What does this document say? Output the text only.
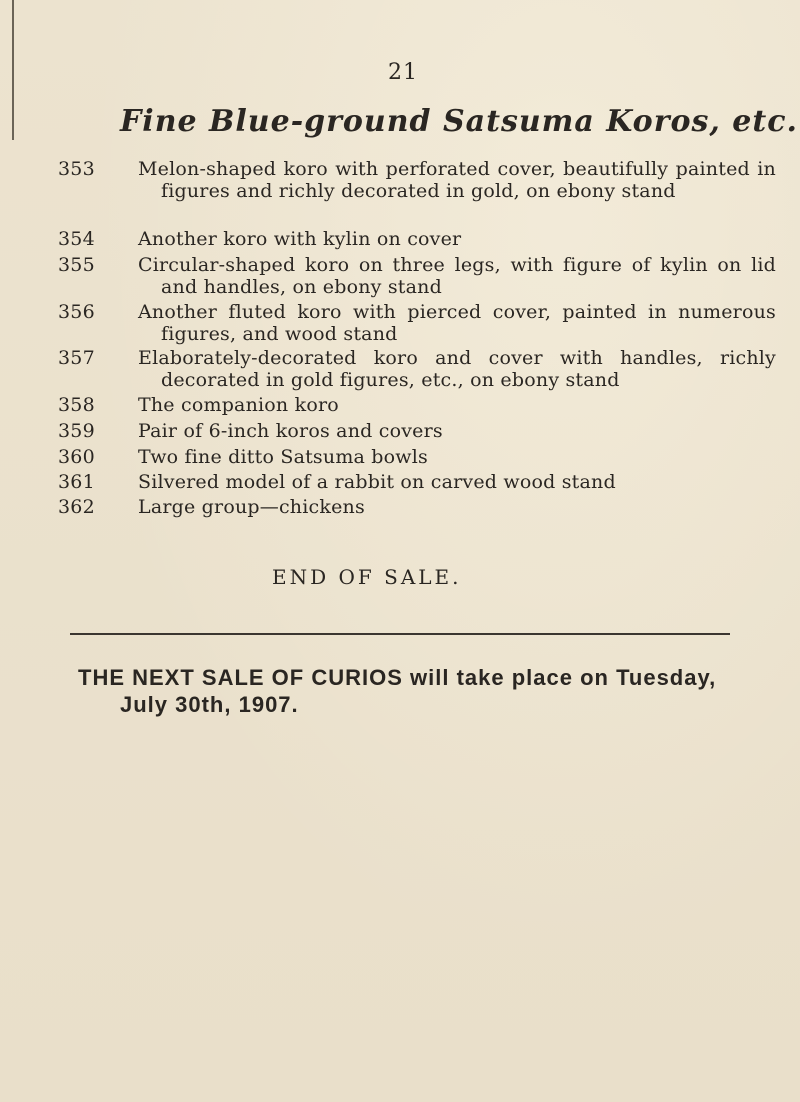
21
Fine Blue-ground Satsuma Koros, etc.
353	Melon-shaped koro with perforated cover, beautifully painted in figures and richly decorated in gold, on ebony stand
354	Another koro with kylin on cover
355	Circular-shaped koro on three legs, with figure of kylin on lid and handles, on ebony stand
356	Another fluted koro with pierced cover, painted in numerous figures, and wood stand
357	Elaborately-decorated koro and cover with handles, richly decorated in gold figures, etc., on ebony stand
358	The companion koro
359	Pair of 6-inch koros and covers
360	Two fine ditto Satsuma bowls
361	Silvered model of a rabbit on carved wood stand
362	Large group—chickens
END OF SALE.
THE NEXT SALE OF CURIOS will take place on Tuesday,
July 30th, 1907.
